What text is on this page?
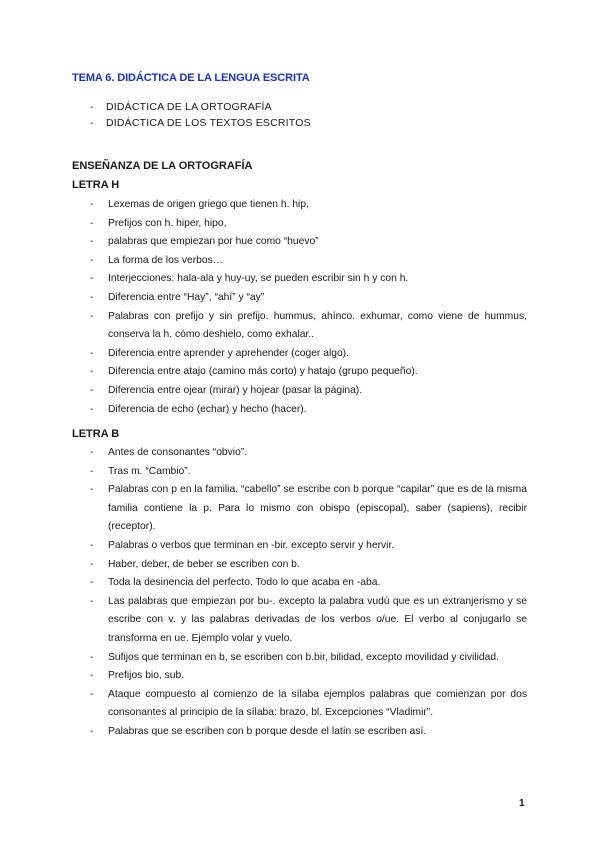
TEMA 6. DIDÁCTICA DE LA LENGUA ESCRITA
- DIDÁCTICA DE LA ORTOGRAFÍA
- DIDÁCTICA DE LOS TEXTOS ESCRITOS
ENSEÑANZA DE LA ORTOGRAFÍA
LETRA H
- Lexemas de origen griego que tienen h. hip,
- Prefijos con h. hiper, hipo,
- palabras que empiezan por hue como “huevo”
- La forma de los verbos…
- Interjecciones: hala-ala y huy-uy, se pueden escribir sin h y con h.
- Diferencia entre “Hay”, “ahí” y “ay”
- Palabras con prefijo y sin prefijo. hummus, ahínco. exhumar, como viene de hummus, conserva la h. cómo deshielo, como exhalar..
- Diferencia entre aprender y aprehender (coger algo).
- Diferencia entre atajo (camino más corto) y hatajo (grupo pequeño).
- Diferencia entre ojear (mirar) y hojear (pasar la página).
- Diferencia de echo (echar) y hecho (hacer).
LETRA B
- Antes de consonantes “obvio”.
- Tras m. “Cambio”.
- Palabras con p en la familia. “cabello” se escribe con b porque “capilar” que es de la misma familia contiene la p. Para lo mismo con obispo (episcopal), saber (sapiens), recibir (receptor).
- Palabras o verbos que terminan en -bir. excepto servir y hervir.
- Haber, deber, de beber se escriben con b.
- Toda la desinencia del perfecto. Todo lo que acaba en -aba.
- Las palabras que empiezan por bu-. excepto la palabra vudú que es un extranjerismo y se escribe con v. y las palabras derivadas de los verbos o/ue. El verbo al conjugarlo se transforma en ue. Ejemplo volar y vuelo.
- Sufijos que terminan en b, se escriben con b.bir, bilidad, excepto movilidad y civilidad.
- Prefijos bio, sub.
- Ataque compuesto al comienzo de la sílaba ejemplos palabras que comienzan por dos consonantes al principio de la sílaba: brazo, bl. Excepciones “Vladimir”.
- Palabras que se escriben con b porque desde el latín se escriben así.
1
